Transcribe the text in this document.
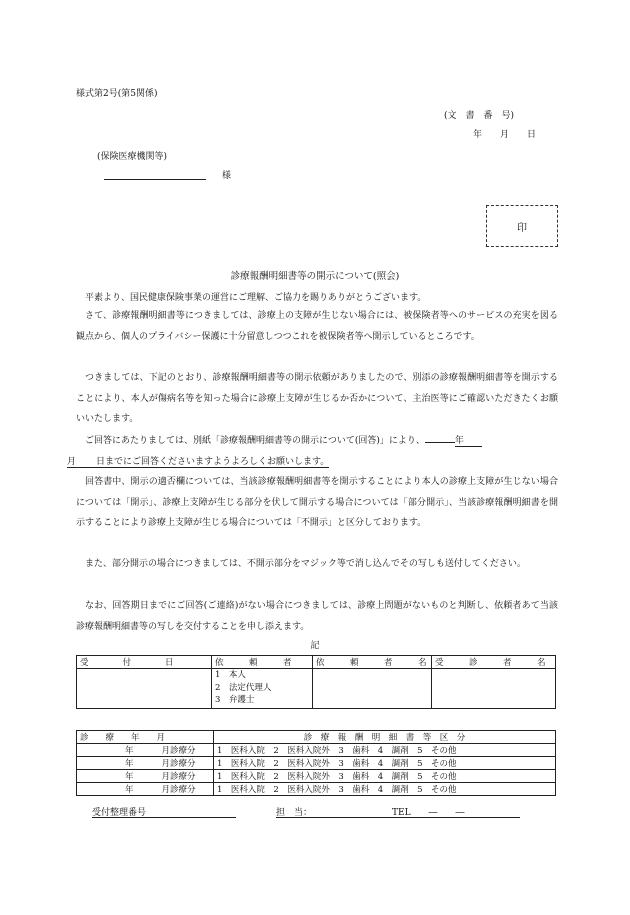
様式第2号(第5関係)
(文　書　番　号)
年　　月　　日
(保険医療機関等)
様
印
診療報酬明細書等の開示について(照会)

平素より、国民健康保険事業の運営にご理解、ご協力を賜りありがとうございます。

さて、診療報酬明細書等につきましては、診療上の支障が生じない場合には、被保険者等へのサービスの充実を図る観点から、個人のプライバシー保護に十分留意しつつこれを被保険者等へ開示しているところです。

つきましては、下記のとおり、診療報酬明細書等の開示依頼がありましたので、別添の診療報酬明細書等を開示することにより、本人が傷病名等を知った場合に診療上支障が生じるか否かについて、主治医等にご確認いただきたくお願いいたします。

ご回答にあたりましては、別紙「診療報酬明細書等の開示について(回答)」により、	年
月 日までにご回答くださいますようよろしくお願いします。

回答書中、開示の適否欄については、当該診療報酬明細書等を開示することにより本人の診療上支障が生じない場合については「開示」、診療上支障が生じる部分を伏して開示する場合については「部分開示」、当該診療報酬明細書を開示することにより診療上支障が生じる場合については「不開示」と区分しております。

また、部分開示の場合につきましては、不開示部分をマジック等で消し込んでその写しも送付してください。

なお、回答期日までにご回答(ご連絡)がない場合につきましては、診療上問題がないものと判断し、依頼者あて当該診療報酬明細書等の写しを交付することを申し添えます。

記
受　　　　付　　　　日	依　　　頼　　　者	依　　　頼　　　者　　　名	受　　　診　　　者　　　名

	1　本人
2　法定代理人
3　弁護士		

診　　療　　年　　月	診　療　報　酬　明　細　書　等　区　分
年 月診療分	1　医科入院　2　医科入院外　3　歯科　4　調剤　5　その他
年 月診療分	1　医科入院　2　医科入院外　3　歯科　4　調剤　5　その他
年 月診療分	1　医科入院　2　医科入院外　3　歯科　4　調剤　5　その他
年 月診療分	1　医科入院　2　医科入院外　3　歯科　4　調剤　5　その他
受付整理番号	担　当：	TEL　　―　　―
